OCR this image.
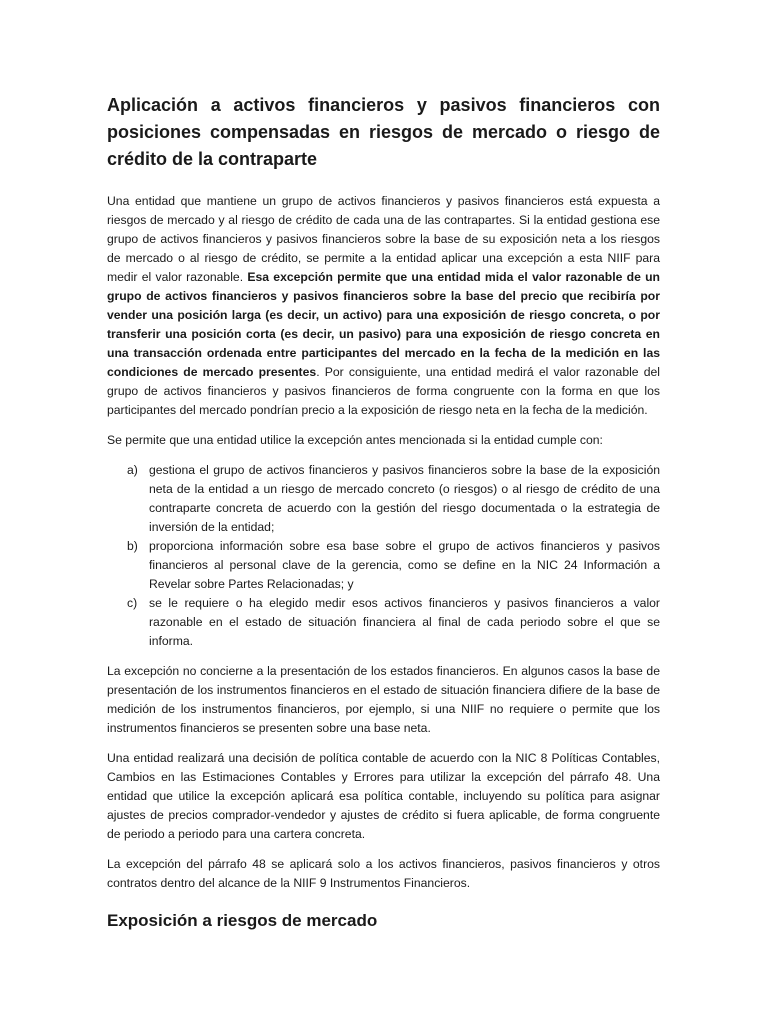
Aplicación a activos financieros y pasivos financieros con posiciones compensadas en riesgos de mercado o riesgo de crédito de la contraparte

Una entidad que mantiene un grupo de activos financieros y pasivos financieros está expuesta a riesgos de mercado y al riesgo de crédito de cada una de las contrapartes. Si la entidad gestiona ese grupo de activos financieros y pasivos financieros sobre la base de su exposición neta a los riesgos de mercado o al riesgo de crédito, se permite a la entidad aplicar una excepción a esta NIIF para medir el valor razonable. Esa excepción permite que una entidad mida el valor razonable de un grupo de activos financieros y pasivos financieros sobre la base del precio que recibiría por vender una posición larga (es decir, un activo) para una exposición de riesgo concreta, o por transferir una posición corta (es decir, un pasivo) para una exposición de riesgo concreta en una transacción ordenada entre participantes del mercado en la fecha de la medición en las condiciones de mercado presentes. Por consiguiente, una entidad medirá el valor razonable del grupo de activos financieros y pasivos financieros de forma congruente con la forma en que los participantes del mercado pondrían precio a la exposición de riesgo neta en la fecha de la medición.

Se permite que una entidad utilice la excepción antes mencionada si la entidad cumple con:

a) gestiona el grupo de activos financieros y pasivos financieros sobre la base de la exposición neta de la entidad a un riesgo de mercado concreto (o riesgos) o al riesgo de crédito de una contraparte concreta de acuerdo con la gestión del riesgo documentada o la estrategia de inversión de la entidad;
b) proporciona información sobre esa base sobre el grupo de activos financieros y pasivos financieros al personal clave de la gerencia, como se define en la NIC 24 Información a Revelar sobre Partes Relacionadas; y
c) se le requiere o ha elegido medir esos activos financieros y pasivos financieros a valor razonable en el estado de situación financiera al final de cada periodo sobre el que se informa.

La excepción no concierne a la presentación de los estados financieros. En algunos casos la base de presentación de los instrumentos financieros en el estado de situación financiera difiere de la base de medición de los instrumentos financieros, por ejemplo, si una NIIF no requiere o permite que los instrumentos financieros se presenten sobre una base neta.

Una entidad realizará una decisión de política contable de acuerdo con la NIC 8 Políticas Contables, Cambios en las Estimaciones Contables y Errores para utilizar la excepción del párrafo 48. Una entidad que utilice la excepción aplicará esa política contable, incluyendo su política para asignar ajustes de precios comprador-vendedor y ajustes de crédito si fuera aplicable, de forma congruente de periodo a periodo para una cartera concreta.

La excepción del párrafo 48 se aplicará solo a los activos financieros, pasivos financieros y otros contratos dentro del alcance de la NIIF 9 Instrumentos Financieros.

Exposición a riesgos de mercado
